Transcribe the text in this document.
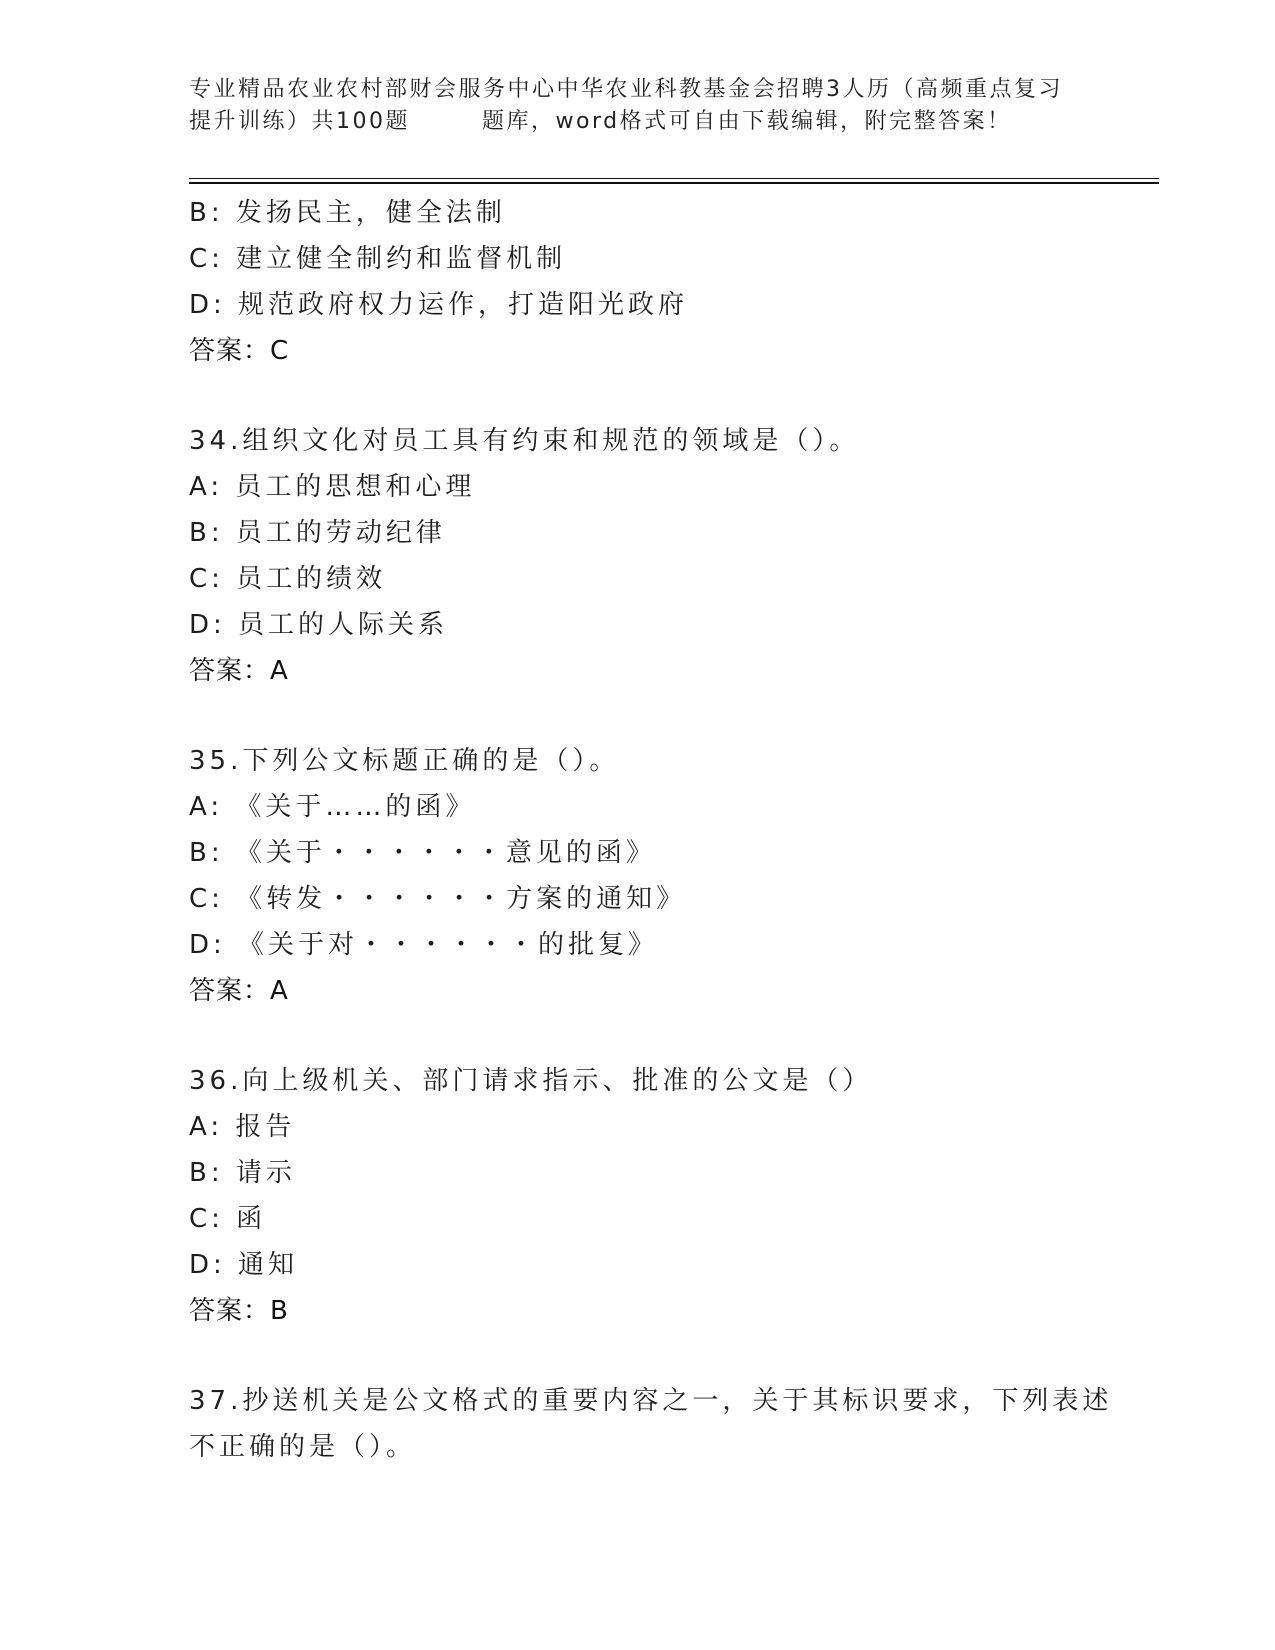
专业精品农业农村部财会服务中心中华农业科教基金会招聘3人历（高频重点复习
提升训练）共100题	题库，word格式可自由下载编辑，附完整答案！
B: 发扬民主，健全法制
C: 建立健全制约和监督机制
D: 规范政府权力运作，打造阳光政府
答案：C
34.组织文化对员工具有约束和规范的领域是（）。
A: 员工的思想和心理
B: 员工的劳动纪律
C: 员工的绩效
D: 员工的人际关系
答案：A
35.下列公文标题正确的是（）。
A: 《关于……的函》
B: 《关于・・・・・・意见的函》
C: 《转发・・・・・・方案的通知》
D: 《关于对・・・・・・的批复》
答案：A
36.向上级机关、部门请求指示、批准的公文是（）
A: 报告
B: 请示
C: 函
D: 通知
答案：B
37.抄送机关是公文格式的重要内容之一，关于其标识要求，下列表述
不正确的是（）。
